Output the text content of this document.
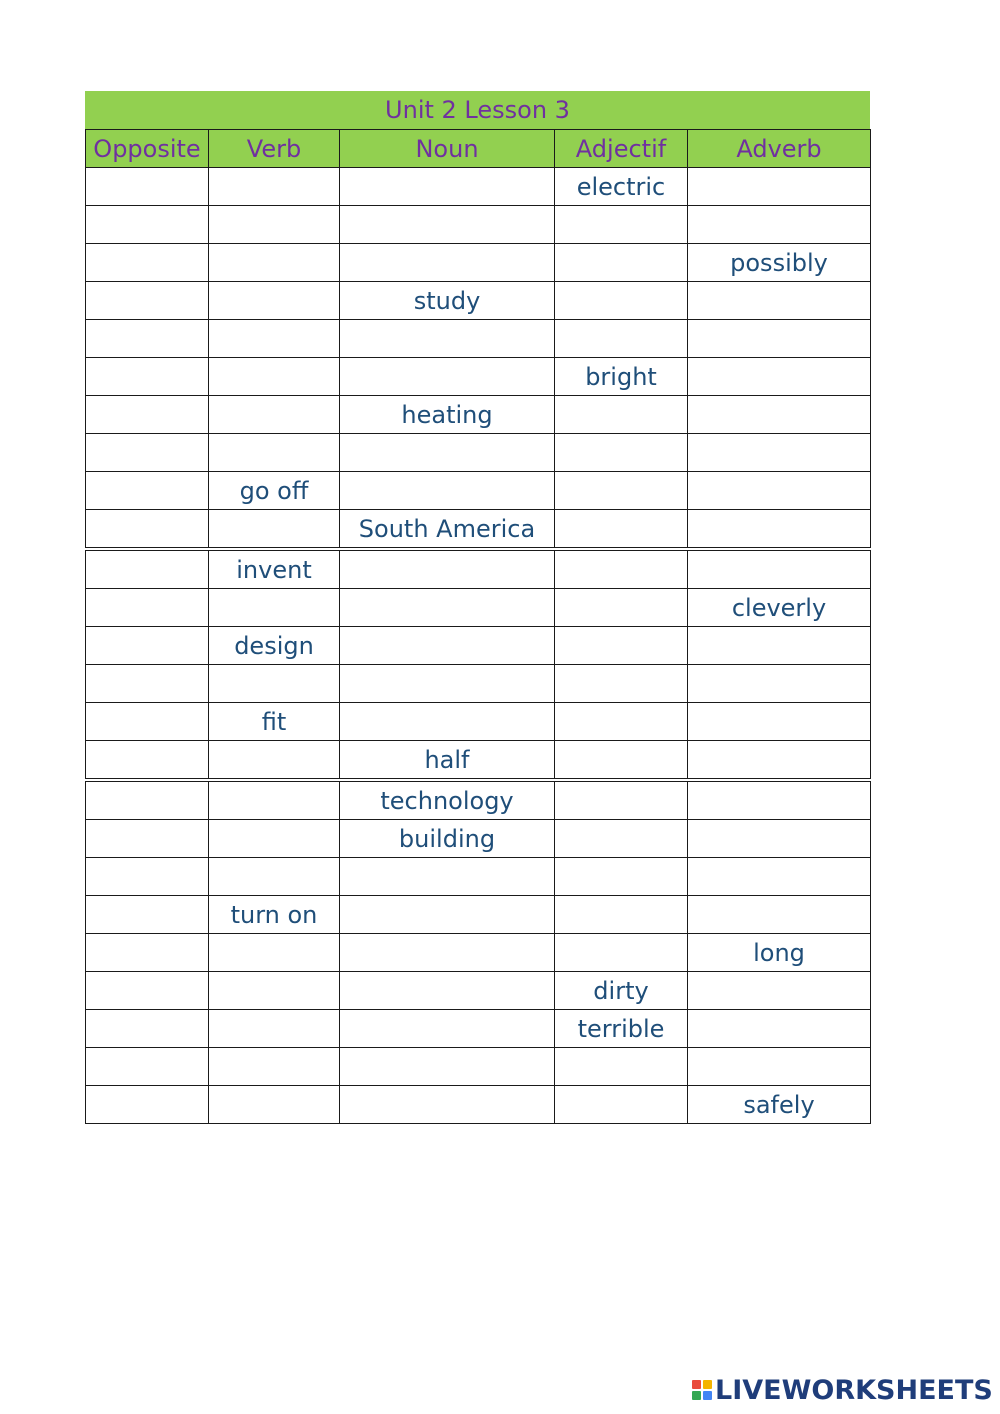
Unit 2 Lesson 3
Opposite	Verb	Noun	Adjectif	Adverb
			electric	

				possibly
		study		

			bright	
		heating		

	go off			
		South America		
	invent			
				cleverly
	design			

	fit			
		half		
		technology		
		building		

	turn on			
				long
			dirty	
			terrible	

				safely
LIVEWORKSHEETS
